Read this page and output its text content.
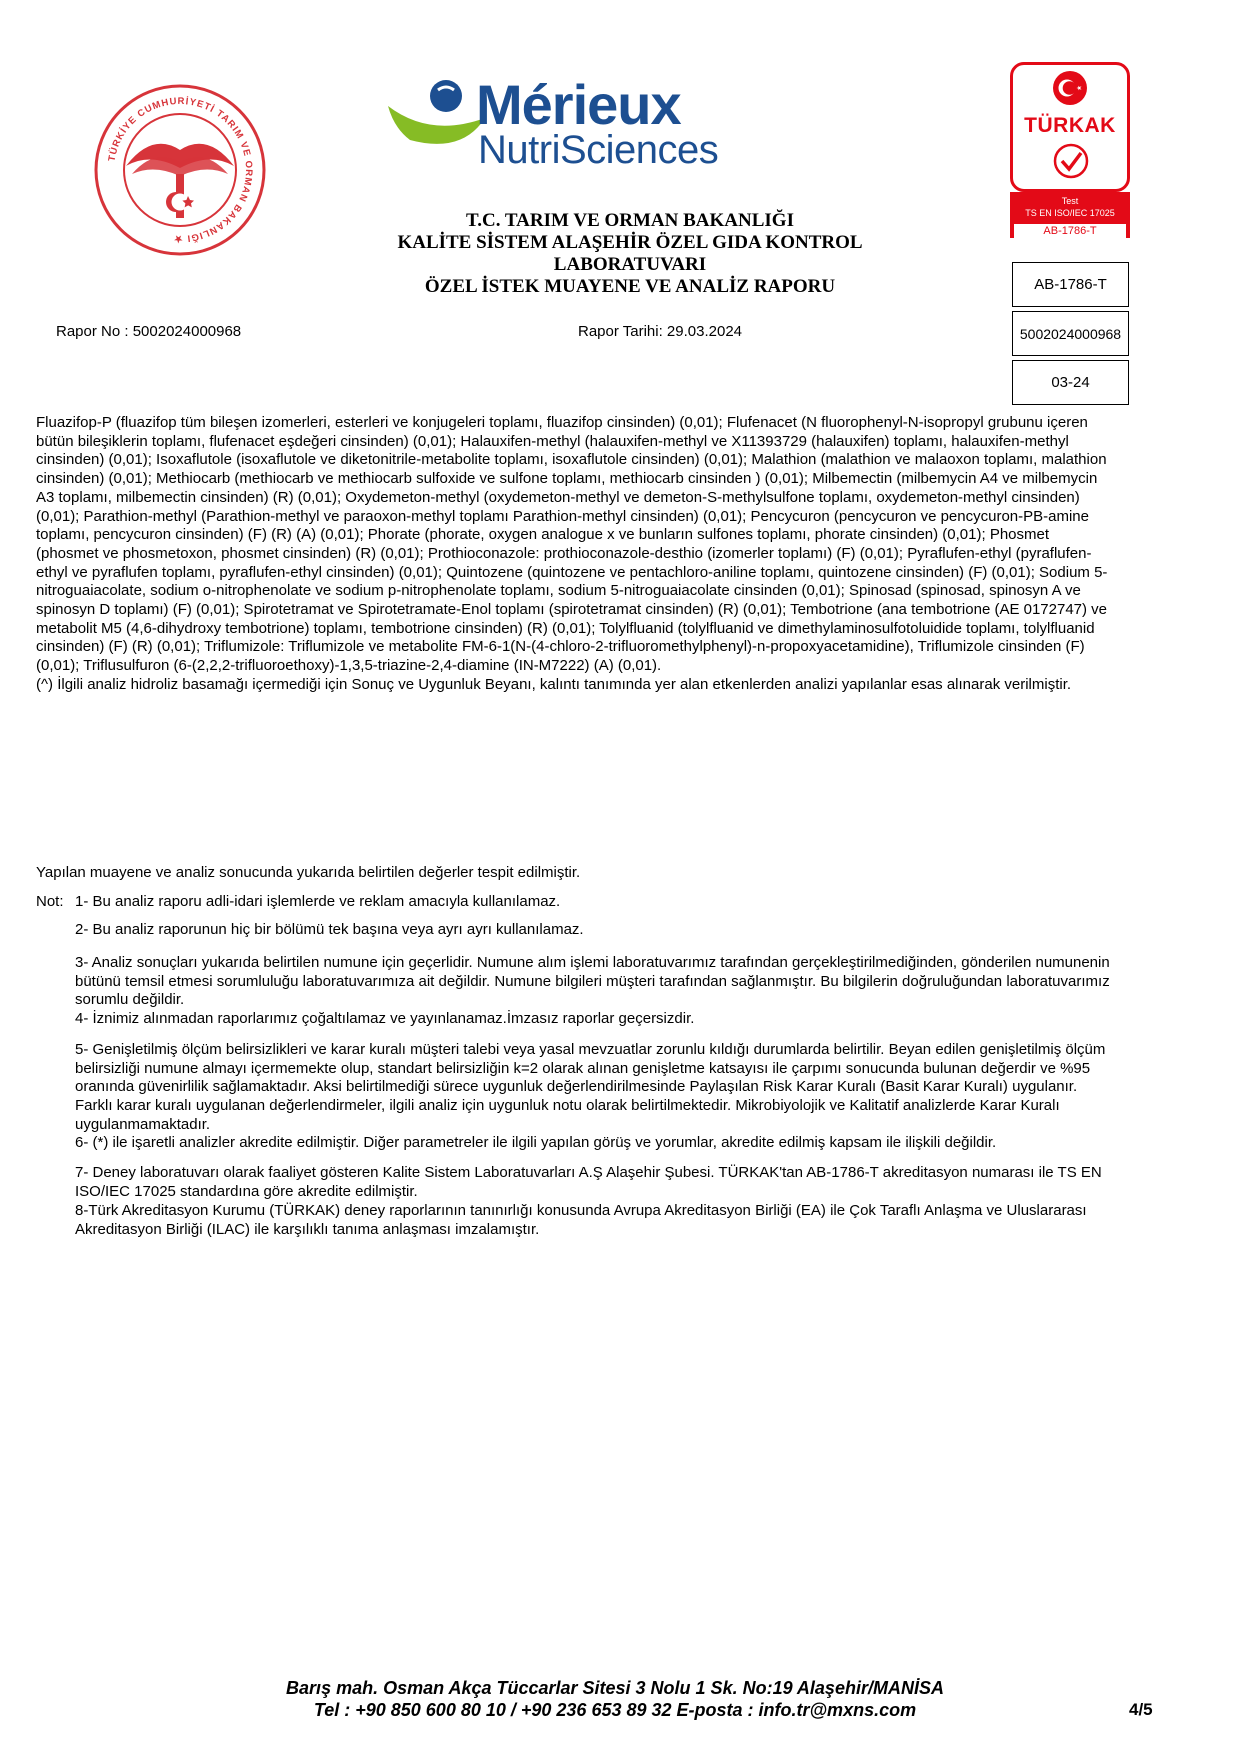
TÜRKİYE CUMHURİYETİ TARIM VE ORMAN BAKANLIĞI ★
Mérieux
NutriSciences
T.C. TARIM VE ORMAN BAKANLIĞI
KALİTE SİSTEM ALAŞEHİR ÖZEL GIDA KONTROL
LABORATUVARI
ÖZEL İSTEK MUAYENE VE ANALİZ RAPORU
Rapor No : 5002024000968	Rapor Tarihi: 29.03.2024
TÜRKAK
Test
TS EN ISO/IEC 17025
AB-1786-T
AB-1786-T
5002024000968
03-24

Fluazifop-P (fluazifop tüm bileşen izomerleri, esterleri ve konjugeleri toplamı, fluazifop cinsinden) (0,01); Flufenacet (N fluorophenyl-N-isopropyl grubunu içeren bütün bileşiklerin toplamı, flufenacet eşdeğeri cinsinden) (0,01); Halauxifen-methyl (halauxifen-methyl ve X11393729 (halauxifen) toplamı, halauxifen-methyl cinsinden) (0,01); Isoxaflutole (isoxaflutole ve diketonitrile-metabolite toplamı, isoxaflutole cinsinden) (0,01); Malathion (malathion ve malaoxon toplamı, malathion cinsinden) (0,01); Methiocarb (methiocarb ve methiocarb sulfoxide ve sulfone toplamı, methiocarb cinsinden ) (0,01); Milbemectin (milbemycin A4 ve milbemycin A3 toplamı, milbemectin cinsinden) (R) (0,01); Oxydemeton-methyl (oxydemeton-methyl ve demeton-S-methylsulfone toplamı, oxydemeton-methyl cinsinden) (0,01); Parathion-methyl (Parathion-methyl ve paraoxon-methyl toplamı Parathion-methyl cinsinden) (0,01); Pencycuron (pencycuron ve pencycuron-PB-amine toplamı, pencycuron cinsinden) (F) (R) (A) (0,01); Phorate (phorate, oxygen analogue x ve bunların sulfones toplamı, phorate cinsinden) (0,01); Phosmet (phosmet ve phosmetoxon, phosmet cinsinden) (R) (0,01); Prothioconazole: prothioconazole-desthio (izomerler toplamı) (F) (0,01); Pyraflufen-ethyl (pyraflufen-ethyl ve pyraflufen toplamı, pyraflufen-ethyl cinsinden) (0,01); Quintozene (quintozene ve pentachloro-aniline toplamı, quintozene cinsinden) (F) (0,01); Sodium 5-nitroguaiacolate, sodium o-nitrophenolate ve sodium p-nitrophenolate toplamı, sodium 5-nitroguaiacolate cinsinden (0,01); Spinosad (spinosad, spinosyn A ve spinosyn D toplamı) (F) (0,01); Spirotetramat ve Spirotetramate-Enol toplamı (spirotetramat cinsinden) (R) (0,01); Tembotrione (ana tembotrione (AE 0172747) ve metabolit M5 (4,6-dihydroxy tembotrione) toplamı, tembotrione cinsinden) (R) (0,01); Tolylfluanid (tolylfluanid ve dimethylaminosulfotoluidide toplamı, tolylfluanid cinsinden) (F) (R) (0,01); Triflumizole: Triflumizole ve metabolite FM-6-1(N-(4-chloro-2-trifluoromethylphenyl)-n-propoxyacetamidine), Triflumizole cinsinden (F) (0,01); Triflusulfuron (6-(2,2,2-trifluoroethoxy)-1,3,5-triazine-2,4-diamine (IN-M7222) (A) (0,01).

(^) İlgili analiz hidroliz basamağı içermediği için Sonuç ve Uygunluk Beyanı, kalıntı tanımında yer alan etkenlerden analizi yapılanlar esas alınarak verilmiştir.

Yapılan muayene ve analiz sonucunda yukarıda belirtilen değerler tespit edilmiştir.

Not: 1- Bu analiz raporu adli-idari işlemlerde ve reklam amacıyla kullanılamaz.

2- Bu analiz raporunun hiç bir bölümü tek başına veya ayrı ayrı kullanılamaz.

3- Analiz sonuçları yukarıda belirtilen numune için geçerlidir. Numune alım işlemi laboratuvarımız tarafından gerçekleştirilmediğinden, gönderilen numunenin bütünü temsil etmesi sorumluluğu laboratuvarımıza ait değildir. Numune bilgileri müşteri tarafından sağlanmıştır. Bu bilgilerin doğruluğundan laboratuvarımız sorumlu değildir.

4- İznimiz alınmadan raporlarımız çoğaltılamaz ve yayınlanamaz.İmzasız raporlar geçersizdir.

5- Genişletilmiş ölçüm belirsizlikleri ve karar kuralı müşteri talebi veya yasal mevzuatlar zorunlu kıldığı durumlarda belirtilir. Beyan edilen genişletilmiş ölçüm belirsizliği numune almayı içermemekte olup, standart belirsizliğin k=2 olarak alınan genişletme katsayısı ile çarpımı sonucunda bulunan değerdir ve %95 oranında güvenirlilik sağlamaktadır. Aksi belirtilmediği sürece uygunluk değerlendirilmesinde Paylaşılan Risk Karar Kuralı (Basit Karar Kuralı) uygulanır. Farklı karar kuralı uygulanan değerlendirmeler, ilgili analiz için uygunluk notu olarak belirtilmektedir. Mikrobiyolojik ve Kalitatif analizlerde Karar Kuralı uygulanmamaktadır.

6- (*) ile işaretli analizler akredite edilmiştir. Diğer parametreler ile ilgili yapılan görüş ve yorumlar, akredite edilmiş kapsam ile ilişkili değildir.

7- Deney laboratuvarı olarak faaliyet gösteren Kalite Sistem Laboratuvarları A.Ş Alaşehir Şubesi. TÜRKAK'tan AB-1786-T akreditasyon numarası ile TS EN ISO/IEC 17025 standardına göre akredite edilmiştir.

8-Türk Akreditasyon Kurumu (TÜRKAK) deney raporlarının tanınırlığı konusunda Avrupa Akreditasyon Birliği (EA) ile Çok Taraflı Anlaşma ve Uluslararası Akreditasyon Birliği (ILAC) ile karşılıklı tanıma anlaşması imzalamıştır.

Barış mah. Osman Akça Tüccarlar Sitesi 3 Nolu 1 Sk. No:19 Alaşehir/MANİSA
Tel : +90 850 600 80 10 / +90 236 653 89 32 E-posta : info.tr@mxns.com	4/5
